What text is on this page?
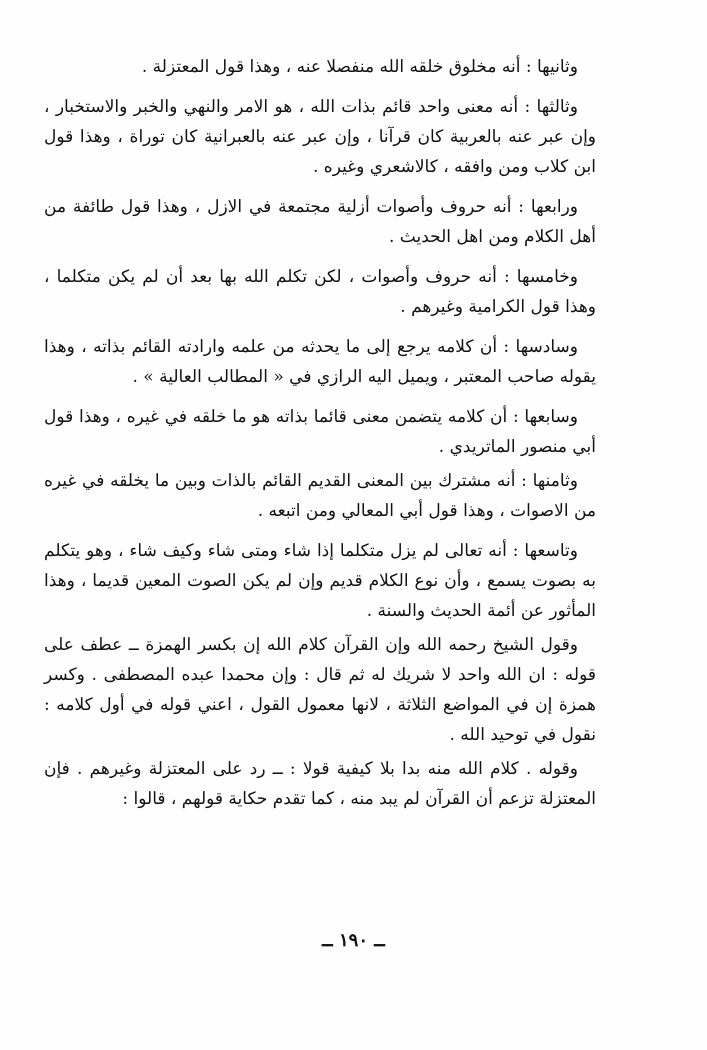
وثانيها : أنه مخلوق خلقه الله منفصلا عنه ، وهذا قول المعتزلة .

وثالثها : أنه معنى واحد قائم بذات الله ، هو الامر والنهي والخبر والاستخبار ، وإن عبر عنه بالعربية كان قرآنا ، وإن عبر عنه بالعبرانية كان توراة ، وهذا قول ابن كلاب ومن وافقه ، كالاشعري وغيره .

ورابعها : أنه حروف وأصوات أزلية مجتمعة في الازل ، وهذا قول طائفة من أهل الكلام ومن اهل الحديث .

وخامسها : أنه حروف وأصوات ، لكن تكلم الله بها بعد أن لم يكن متكلما ، وهذا قول الكرامية وغيرهم .

وسادسها : أن كلامه يرجع إلى ما يحدثه من علمه وارادته القائم بذاته ، وهذا يقوله صاحب المعتبر ، ويميل اليه الرازي في « المطالب العالية » .

وسابعها : أن كلامه يتضمن معنى قائما بذاته هو ما خلقه في غيره ، وهذا قول أبي منصور الماتريدي .

وثامنها : أنه مشترك بين المعنى القديم القائم بالذات وبين ما يخلقه في غيره من الاصوات ، وهذا قول أبي المعالي ومن اتبعه .

وتاسعها : أنه تعالى لم يزل متكلما إذا شاء ومتى شاء وكيف شاء ، وهو يتكلم به بصوت يسمع ، وأن نوع الكلام قديم وإن لم يكن الصوت المعين قديما ، وهذا المأثور عن أئمة الحديث والسنة .

وقول الشيخ رحمه الله وإن القرآن كلام الله إن بكسر الهمزة ــ عطف على قوله : ان الله واحد لا شريك له ثم قال : وإن محمدا عبده المصطفى . وكسر همزة إن في المواضع الثلاثة ، لانها معمول القول ، اعني قوله في أول كلامه : نقول في توحيد الله .

وقوله . كلام الله منه بدا بلا كيفية قولا : ــ رد على المعتزلة وغيرهم . فإن المعتزلة تزعم أن القرآن لم يبد منه ، كما تقدم حكاية قولهم ، قالوا :

ــ ١٩٠ ــ
